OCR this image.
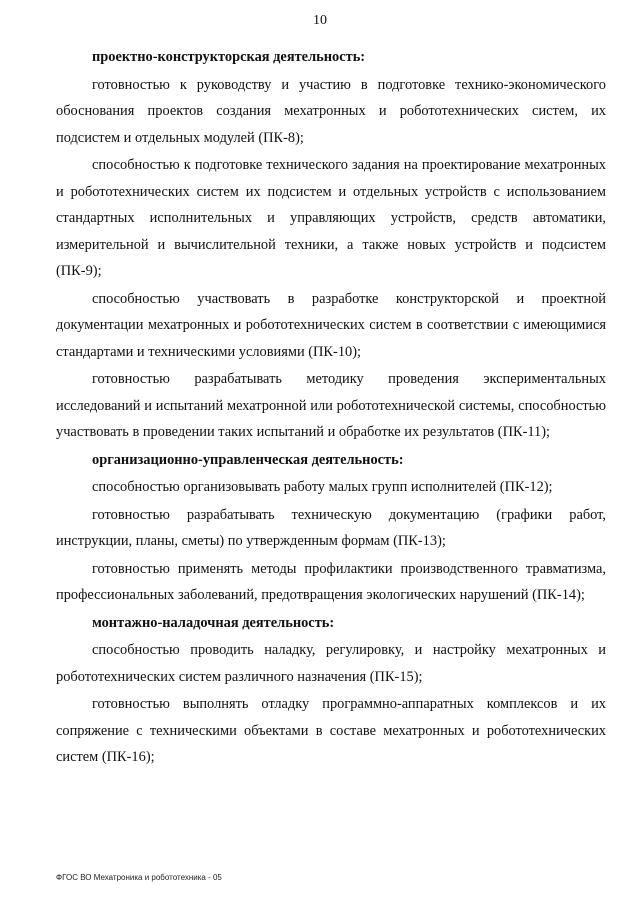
10

проектно-конструкторская деятельность:

готовностью к руководству и участию в подготовке технико-экономического обоснования проектов создания мехатронных и робототехнических систем, их подсистем и отдельных модулей (ПК-8);

способностью к подготовке технического задания на проектирование мехатронных и робототехнических систем их подсистем и отдельных устройств с использованием стандартных исполнительных и управляющих устройств, средств автоматики, измерительной и вычислительной техники, а также новых устройств и подсистем (ПК-9);

способностью участвовать в разработке конструкторской и проектной документации мехатронных и робототехнических систем в соответствии с имеющимися стандартами и техническими условиями (ПК-10);

готовностью разрабатывать методику проведения экспериментальных исследований и испытаний мехатронной или робототехнической системы, способностью участвовать в проведении таких испытаний и обработке их результатов (ПК-11);

организационно-управленческая деятельность:

способностью организовывать работу малых групп исполнителей (ПК-12);

готовностью разрабатывать техническую документацию (графики работ, инструкции, планы, сметы) по утвержденным формам (ПК-13);

готовностью применять методы профилактики производственного травматизма, профессиональных заболеваний, предотвращения экологических нарушений (ПК-14);

монтажно-наладочная деятельность:

способностью проводить наладку, регулировку, и настройку мехатронных и робототехнических систем различного назначения (ПК-15);

готовностью выполнять отладку программно-аппаратных комплексов и их сопряжение с техническими объектами в составе мехатронных и робототехнических систем (ПК-16);

ФГОС ВО Мехатроника и робототехника - 05
